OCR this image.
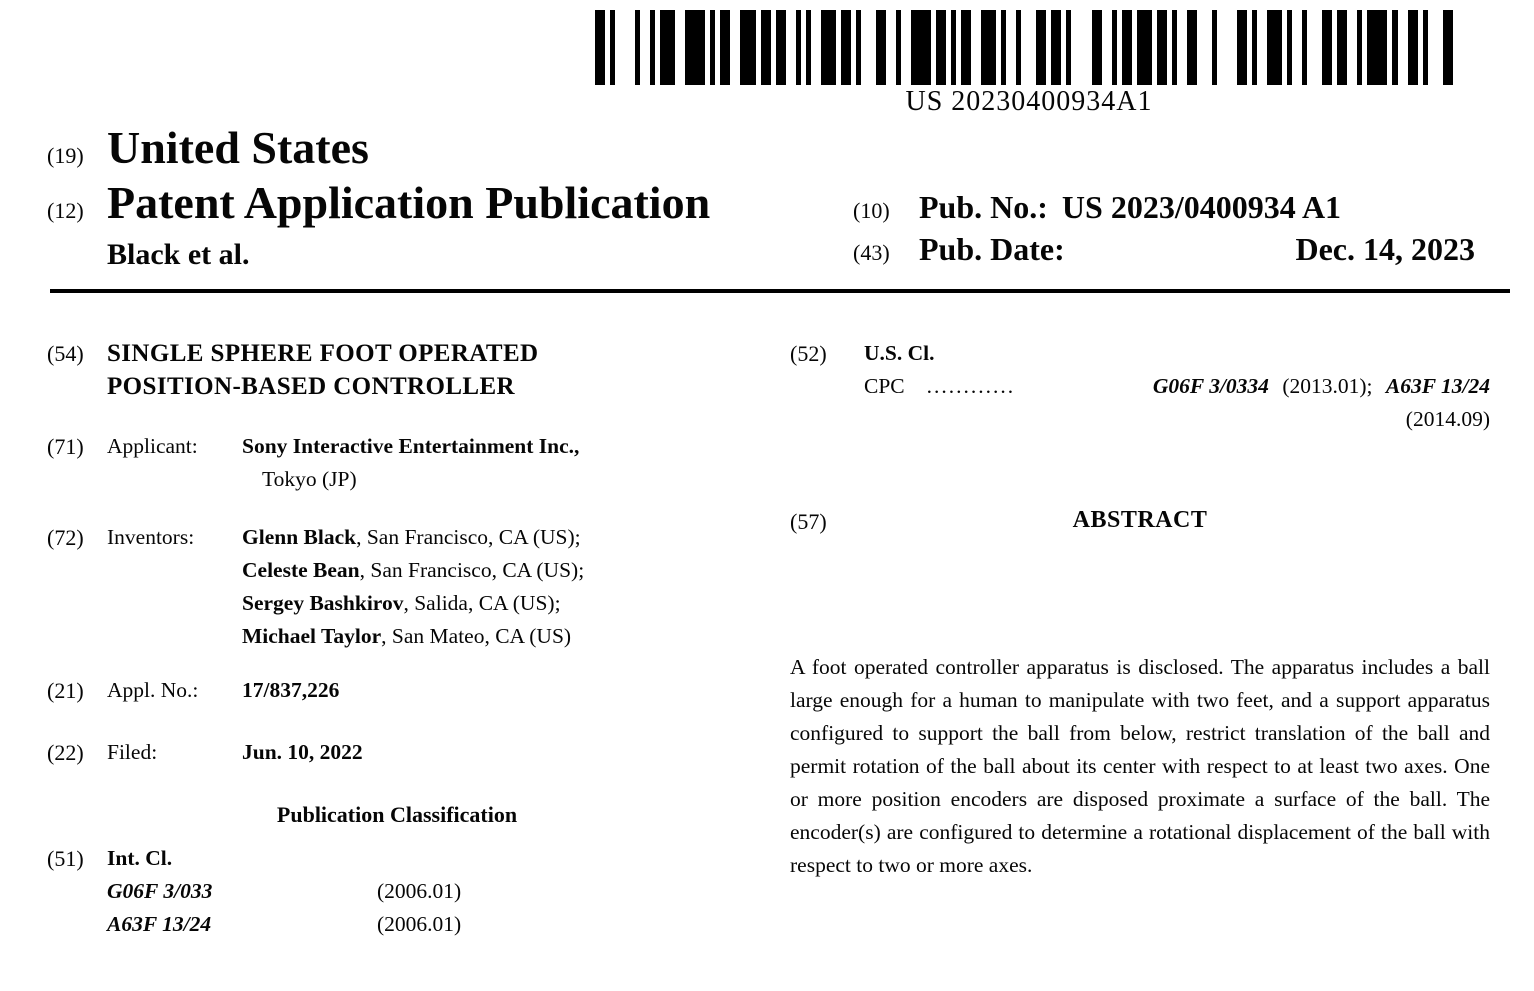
US 20230400934A1
(19) United States
(12) Patent Application Publication
Black et al.
(10) Pub. No.: US 2023/0400934 A1
(43) Pub. Date:	Dec. 14, 2023
(54) SINGLE SPHERE FOOT OPERATED POSITION-BASED CONTROLLER
(71)	Applicant:	Sony Interactive Entertainment Inc.,
Tokyo (JP)
(72)	Inventors:	Glenn Black, San Francisco, CA (US);
Celeste Bean, San Francisco, CA (US);
Sergey Bashkirov, Salida, CA (US);
Michael Taylor, San Mateo, CA (US)
(21)	Appl. No.:	17/837,226
(22)	Filed:	Jun. 10, 2022
Publication Classification
(51)	Int. Cl.
G06F 3/033	(2006.01)
A63F 13/24	(2006.01)
(52)	U.S. Cl.
CPC ............	G06F 3/0334 (2013.01); A63F 13/24
(2014.09)
(57)	ABSTRACT

A foot operated controller apparatus is disclosed. The apparatus includes a ball large enough for a human to manipulate with two feet, and a support apparatus configured to support the ball from below, restrict translation of the ball and permit rotation of the ball about its center with respect to at least two axes. One or more position encoders are disposed proximate a surface of the ball. The encoder(s) are configured to determine a rotational displacement of the ball with respect to two or more axes.
